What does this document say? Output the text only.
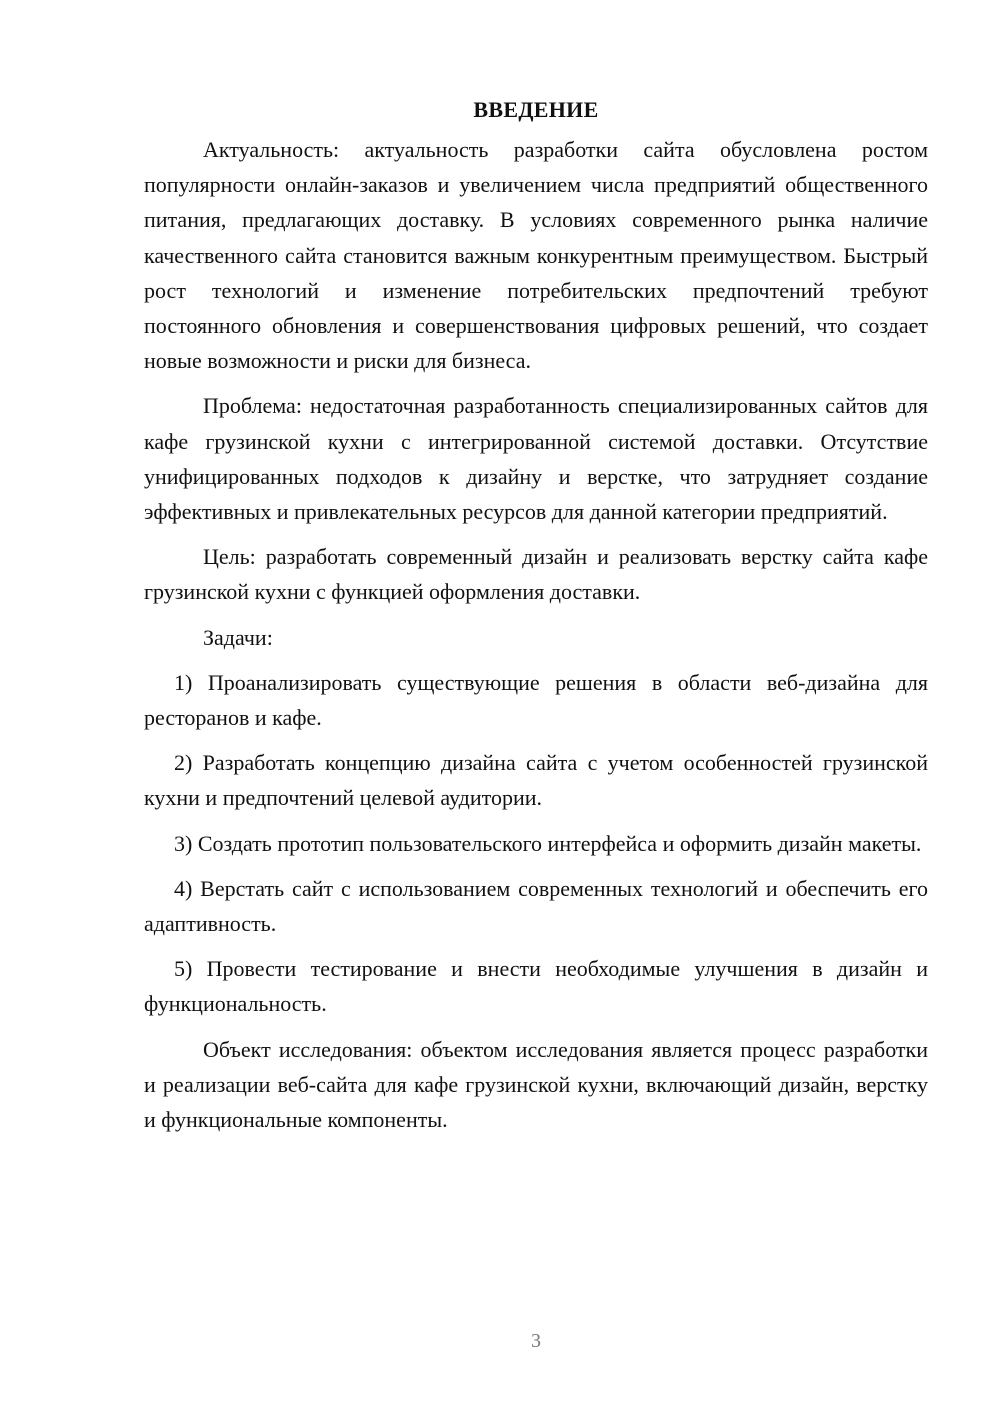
ВВЕДЕНИЕ

Актуальность: актуальность разработки сайта обусловлена ростом популярности онлайн-заказов и увеличением числа предприятий общественного питания, предлагающих доставку. В условиях современного рынка наличие качественного сайта становится важным конкурентным преимуществом. Быстрый рост технологий и изменение потребительских предпочтений требуют постоянного обновления и совершенствования цифровых решений, что создает новые возможности и риски для бизнеса.

Проблема: недостаточная разработанность специализированных сайтов для кафе грузинской кухни с интегрированной системой доставки. Отсутствие унифицированных подходов к дизайну и верстке, что затрудняет создание эффективных и привлекательных ресурсов для данной категории предприятий.

Цель: разработать современный дизайн и реализовать верстку сайта кафе грузинской кухни с функцией оформления доставки.

Задачи:

1) Проанализировать существующие решения в области веб-дизайна для ресторанов и кафе.

2) Разработать концепцию дизайна сайта с учетом особенностей грузинской кухни и предпочтений целевой аудитории.

3) Создать прототип пользовательского интерфейса и оформить дизайн макеты.

4) Верстать сайт с использованием современных технологий и обеспечить его адаптивность.

5) Провести тестирование и внести необходимые улучшения в дизайн и функциональность.

Объект исследования: объектом исследования является процесс разработки и реализации веб-сайта для кафе грузинской кухни, включающий дизайн, верстку и функциональные компоненты.

3
